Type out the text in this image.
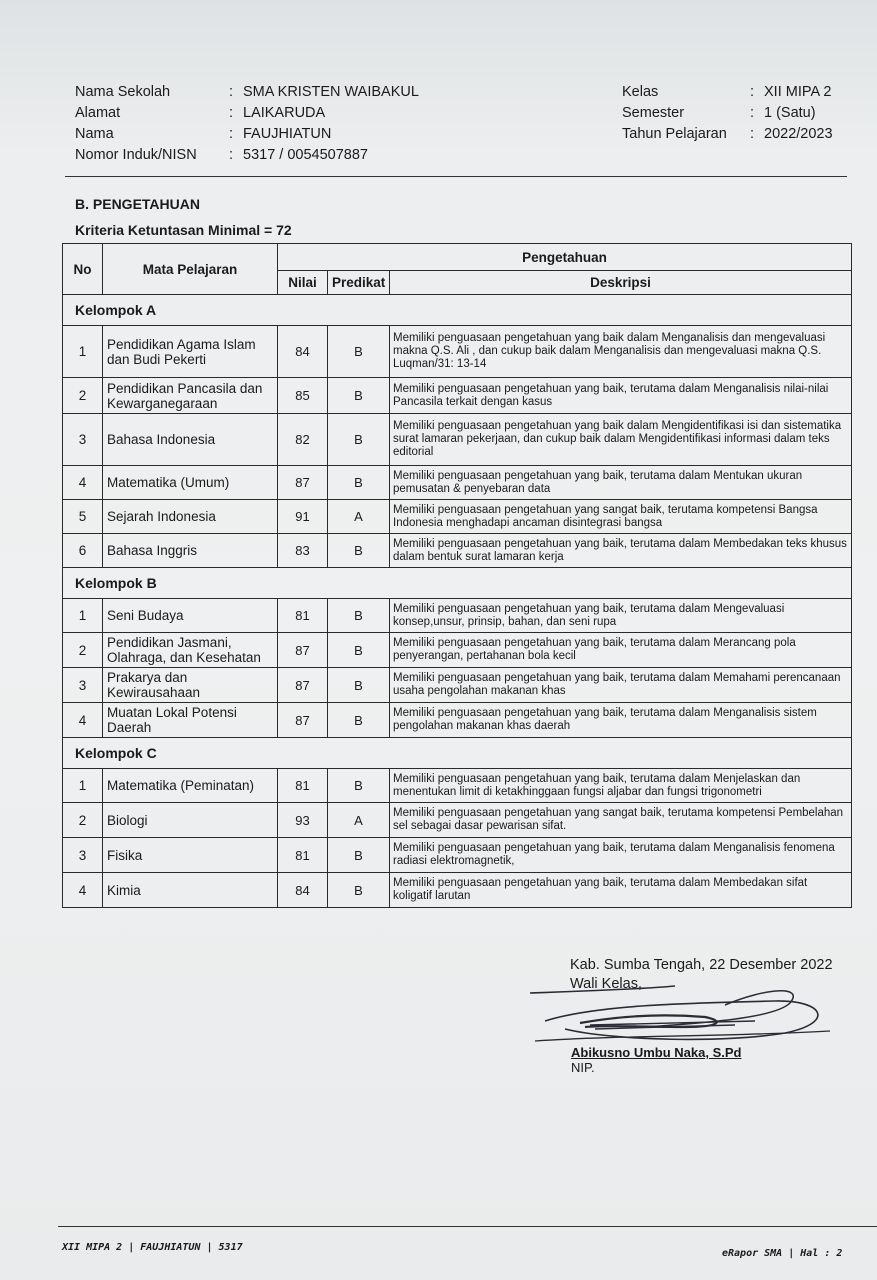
Nama Sekolah	: SMA KRISTEN WAIBAKUL
Alamat	: LAIKARUDA
Nama	: FAUJHIATUN
Nomor Induk/NISN	: 5317 / 0054507887
Kelas	: XII MIPA 2
Semester	: 1 (Satu)
Tahun Pelajaran	: 2022/2023
B. PENGETAHUAN
Kriteria Ketuntasan Minimal = 72
No	Mata Pelajaran	Pengetahuan		
		Nilai	Predikat	Deskripsi
Kelompok A				
1	Pendidikan Agama Islam dan Budi Pekerti	84	B	Memiliki penguasaan pengetahuan yang baik dalam Menganalisis dan mengevaluasi makna Q.S. Ali , dan cukup baik dalam Menganalisis dan mengevaluasi makna Q.S. Luqman/31: 13-14
2	Pendidikan Pancasila dan Kewarganegaraan	85	B	Memiliki penguasaan pengetahuan yang baik, terutama dalam Menganalisis nilai-nilai Pancasila terkait dengan kasus
3	Bahasa Indonesia	82	B	Memiliki penguasaan pengetahuan yang baik dalam Mengidentifikasi isi dan sistematika surat lamaran pekerjaan, dan cukup baik dalam Mengidentifikasi informasi dalam teks editorial
4	Matematika (Umum)	87	B	Memiliki penguasaan pengetahuan yang baik, terutama dalam Mentukan ukuran pemusatan & penyebaran data
5	Sejarah Indonesia	91	A	Memiliki penguasaan pengetahuan yang sangat baik, terutama kompetensi Bangsa Indonesia menghadapi ancaman disintegrasi bangsa
6	Bahasa Inggris	83	B	Memiliki penguasaan pengetahuan yang baik, terutama dalam Membedakan teks khusus dalam bentuk surat lamaran kerja
Kelompok B				
1	Seni Budaya	81	B	Memiliki penguasaan pengetahuan yang baik, terutama dalam Mengevaluasi konsep,unsur, prinsip, bahan, dan seni rupa
2	Pendidikan Jasmani, Olahraga, dan Kesehatan	87	B	Memiliki penguasaan pengetahuan yang baik, terutama dalam Merancang pola penyerangan, pertahanan bola kecil
3	Prakarya dan Kewirausahaan	87	B	Memiliki penguasaan pengetahuan yang baik, terutama dalam Memahami perencanaan usaha pengolahan makanan khas
4	Muatan Lokal Potensi Daerah	87	B	Memiliki penguasaan pengetahuan yang baik, terutama dalam Menganalisis sistem pengolahan makanan khas daerah
Kelompok C				
1	Matematika (Peminatan)	81	B	Memiliki penguasaan pengetahuan yang baik, terutama dalam Menjelaskan dan menentukan limit di ketakhinggaan fungsi aljabar dan fungsi trigonometri
2	Biologi	93	A	Memiliki penguasaan pengetahuan yang sangat baik, terutama kompetensi Pembelahan sel sebagai dasar pewarisan sifat.
3	Fisika	81	B	Memiliki penguasaan pengetahuan yang baik, terutama dalam Menganalisis fenomena radiasi elektromagnetik,
4	Kimia	84	B	Memiliki penguasaan pengetahuan yang baik, terutama dalam Membedakan sifat koligatif larutan
Kab. Sumba Tengah, 22 Desember 2022
Wali Kelas,
Abikusno Umbu Naka, S.Pd
NIP.
XII MIPA 2 | FAUJHIATUN | 5317
eRapor SMA | Hal : 2
